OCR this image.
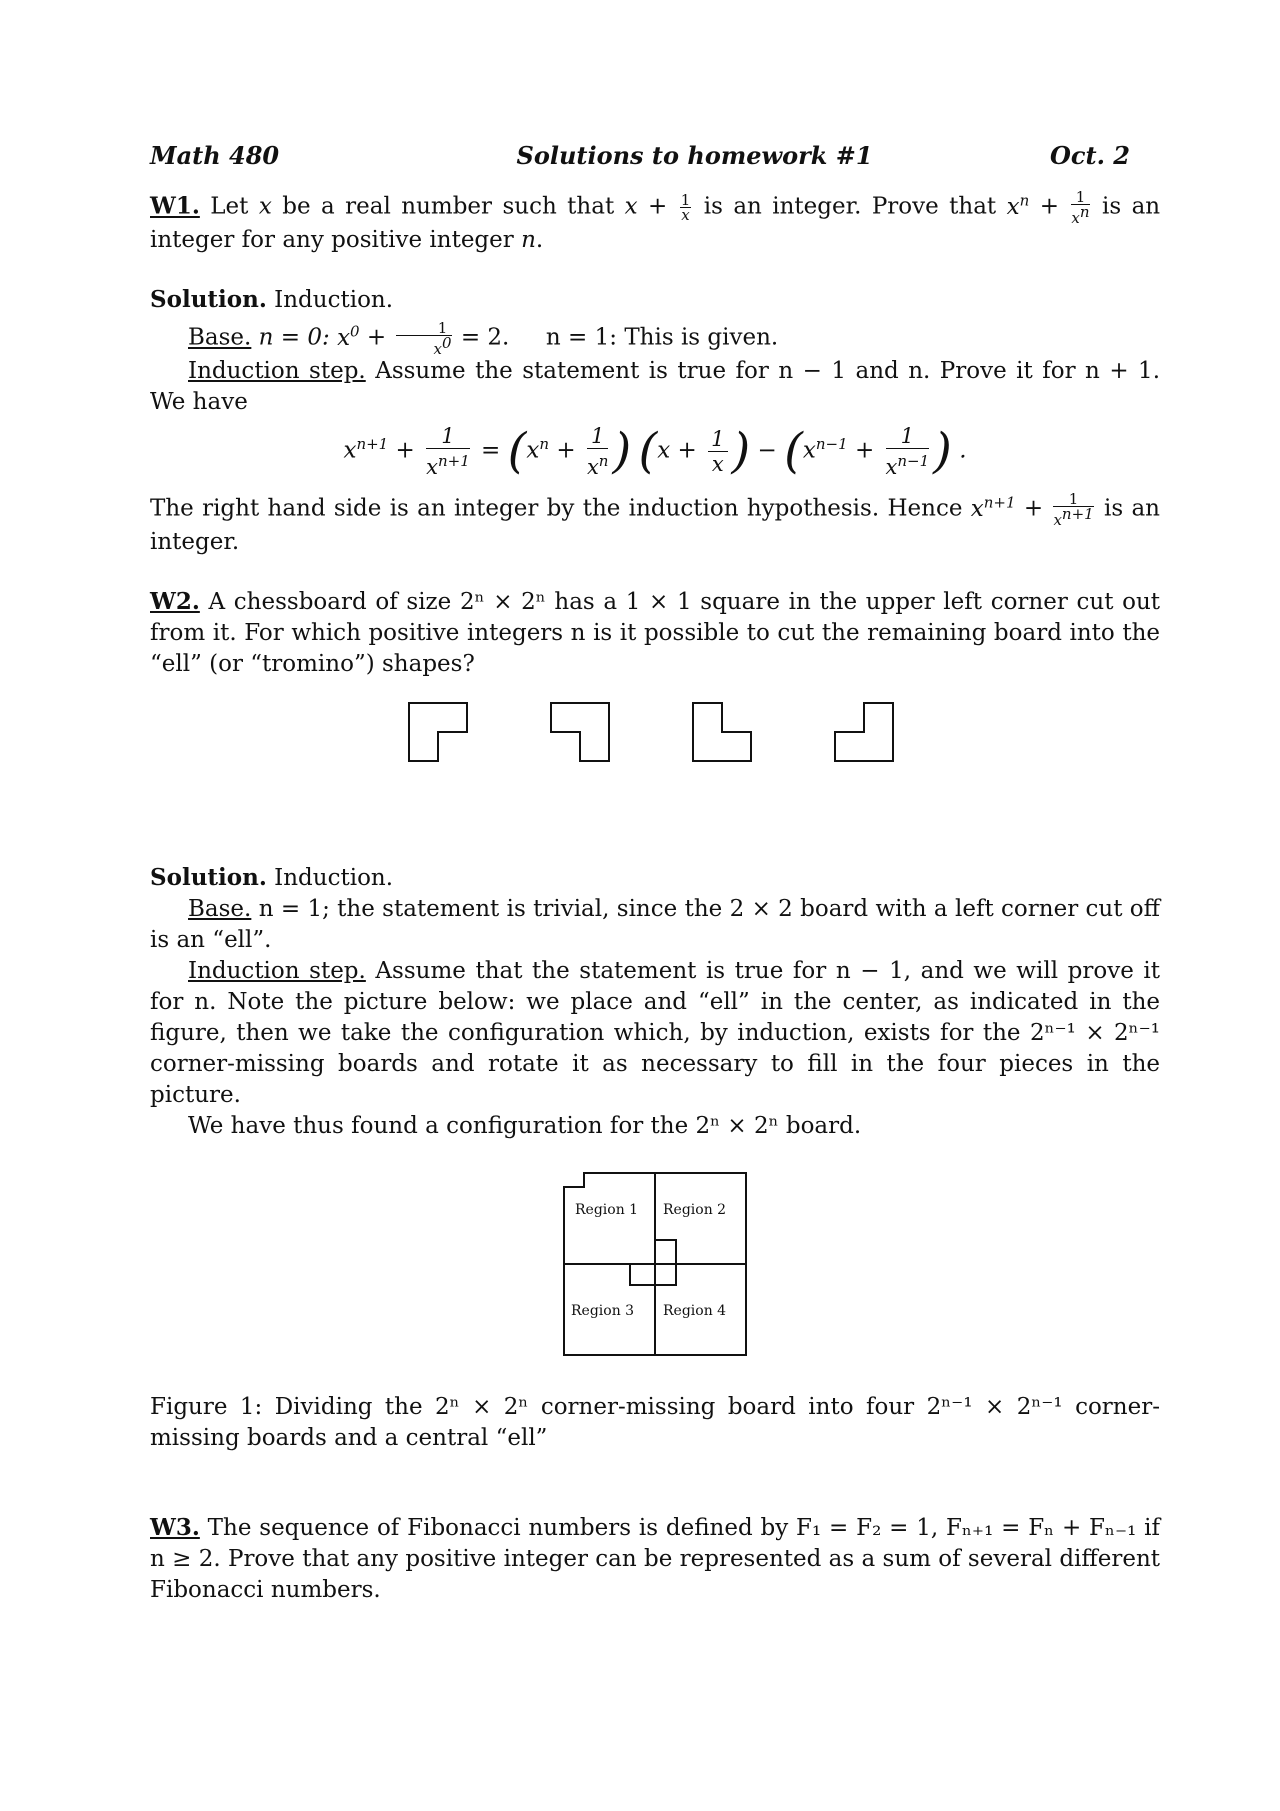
Math 480	Solutions to homework #1	Oct. 2

W1. Let x be a real number such that $x + \frac{1}{x}$ is an integer. Prove that $x^n + \frac{1}{x^n}$ is an integer for any positive integer n.

Solution. Induction.

Base. n = 0: $x^0 + \frac{1}{x^0} = 2$. n = 1: This is given.

Induction step. Assume the statement is true for n − 1 and n. Prove it for n + 1. We have

$x^{n+1} + \frac{1}{x^{n+1}} = (x^n + \frac{1}{x^n}) (x + \frac{1}{x}) - (x^{n-1} + \frac{1}{x^{n-1}})$ .

The right hand side is an integer by the induction hypothesis. Hence $x^{n+1} + \frac{1}{x^{n+1}}$ is an integer.

W2. A chessboard of size 2ⁿ × 2ⁿ has a 1 × 1 square in the upper left corner cut out from it. For which positive integers n is it possible to cut the remaining board into the “ell” (or “tromino”) shapes?

Solution. Induction.

Base. n = 1; the statement is trivial, since the 2 × 2 board with a left corner cut off is an “ell”.

Induction step. Assume that the statement is true for n − 1, and we will prove it for n. Note the picture below: we place and “ell” in the center, as indicated in the figure, then we take the configuration which, by induction, exists for the 2ⁿ⁻¹ × 2ⁿ⁻¹ corner-missing boards and rotate it as necessary to fill in the four pieces in the picture.

We have thus found a configuration for the 2ⁿ × 2ⁿ board.

Region 1 Region 2
Region 3 Region 4

Figure 1: Dividing the 2ⁿ × 2ⁿ corner-missing board into four 2ⁿ⁻¹ × 2ⁿ⁻¹ corner-missing boards and a central “ell”

W3. The sequence of Fibonacci numbers is defined by F₁ = F₂ = 1, Fₙ₊₁ = Fₙ + Fₙ₋₁ if n ≥ 2. Prove that any positive integer can be represented as a sum of several different Fibonacci numbers.
